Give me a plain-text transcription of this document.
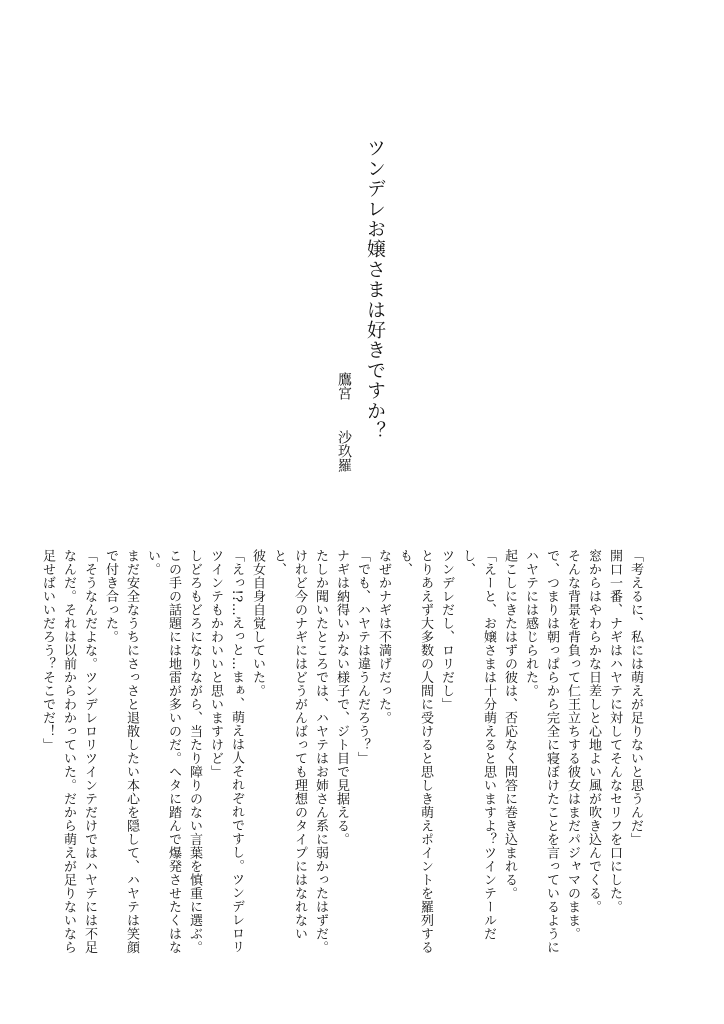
ツンデレお嬢さまは好きですか？
鷹宮沙玖羅

「考えるに、私には萌えが足りないと思うんだ」

開口一番、ナギはハヤテに対してそんなセリフを口にした。

窓からはやわらかな日差しと心地よい風が吹き込んでくる。

そんな背景を背負って仁王立ちする彼女はまだパジャマのまま。

で、つまりは朝っぱらから完全に寝ぼけたことを言っているように

ハヤテには感じられた。

起こしにきたはずの彼は、否応なく問答に巻き込まれる。

「えーと、お嬢さまは十分萌えると思いますよ？ツインテールだし、

ツンデレだし、ロリだし」

とりあえず大多数の人間に受けると思しき萌えポイントを羅列するも、

なぜかナギは不満げだった。

「でも、ハヤテは違うんだろう？」

ナギは納得いかない様子で、ジト目で見据える。

たしか聞いたところでは、ハヤテはお姉さん系に弱かったはずだ。

けれど今のナギにはどうがんばっても理想のタイプにはなれないと、

彼女自身自覚していた。

「えっ!?…えっと…まぁ、萌えは人それぞれですし。ツンデレロリツインテもかわいいと思いますけど」

しどろもどろになりながら、当たり障りのない言葉を慎重に選ぶ。

この手の話題には地雷が多いのだ。ヘタに踏んで爆発させたくはない。

まだ安全なうちにさっさと退散したい本心を隠して、ハヤテは笑顔で付き合った。

「そうなんだよな。ツンデレロリツインテだけではハヤテには不足なんだ。それは以前からわかっていた。だから萌えが足りないなら足せばいいだろう？そこでだ！」
